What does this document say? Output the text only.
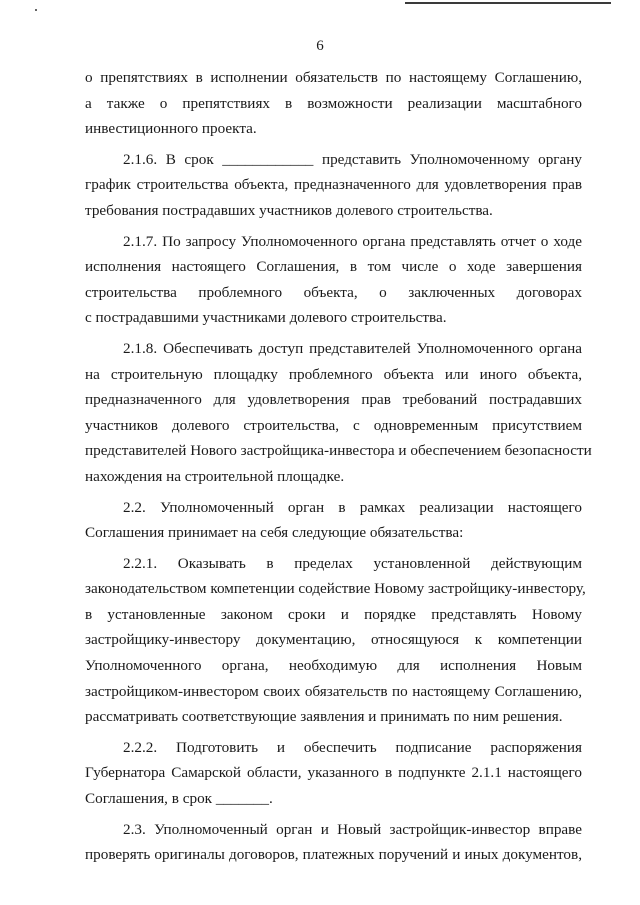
6
о препятствиях в исполнении обязательств по настоящему Соглашению,
а также о препятствиях в возможности реализации масштабного
инвестиционного проекта.
2.1.6. В срок ____________ представить Уполномоченному органу
график строительства объекта, предназначенного для удовлетворения прав
требования пострадавших участников долевого строительства.
2.1.7. По запросу Уполномоченного органа представлять отчет о ходе
исполнения настоящего Соглашения, в том числе о ходе завершения
строительства проблемного объекта, о заключенных договорах
с пострадавшими участниками долевого строительства.
2.1.8. Обеспечивать доступ представителей Уполномоченного органа
на строительную площадку проблемного объекта или иного объекта,
предназначенного для удовлетворения прав требований пострадавших
участников долевого строительства, с одновременным присутствием
представителей Нового застройщика-инвестора и обеспечением безопасности
нахождения на строительной площадке.
2.2. Уполномоченный орган в рамках реализации настоящего
Соглашения принимает на себя следующие обязательства:
2.2.1. Оказывать в пределах установленной действующим
законодательством компетенции содействие Новому застройщику-инвестору,
в установленные законом сроки и порядке представлять Новому
застройщику-инвестору документацию, относящуюся к компетенции
Уполномоченного органа, необходимую для исполнения Новым
застройщиком-инвестором своих обязательств по настоящему Соглашению,
рассматривать соответствующие заявления и принимать по ним решения.
2.2.2. Подготовить и обеспечить подписание распоряжения
Губернатора Самарской области, указанного в подпункте 2.1.1 настоящего
Соглашения, в срок _______.
2.3. Уполномоченный орган и Новый застройщик-инвестор вправе
проверять оригиналы договоров, платежных поручений и иных документов,
